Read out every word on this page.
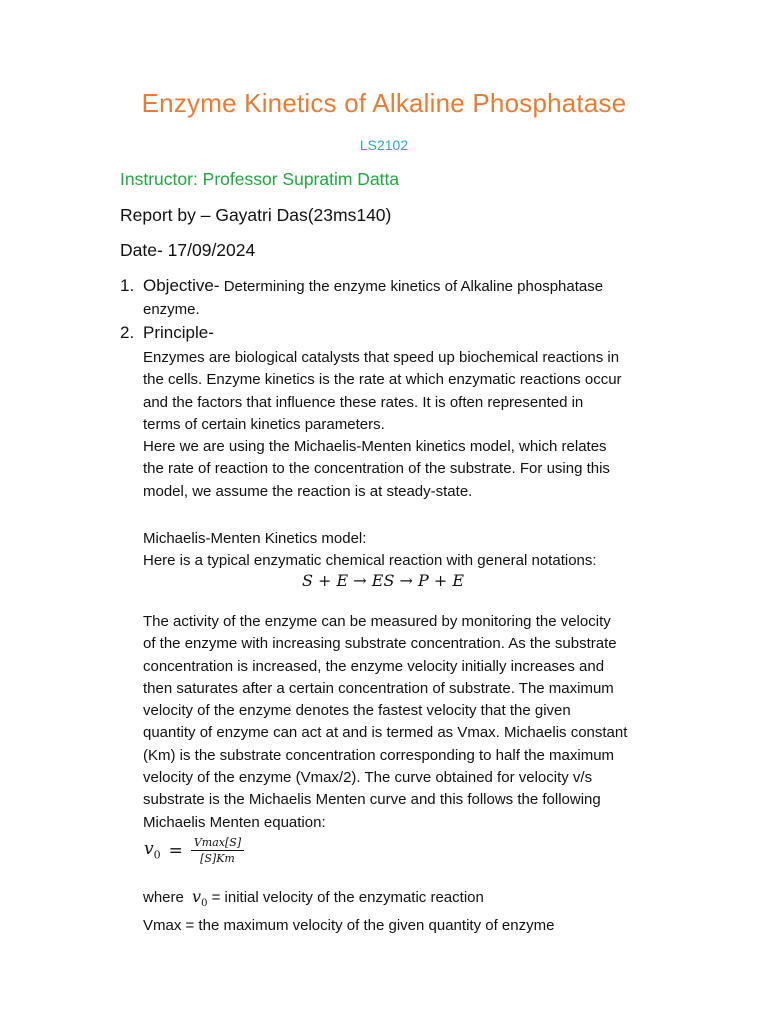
Enzyme Kinetics of Alkaline Phosphatase
LS2102
Instructor: Professor Supratim Datta
Report by – Gayatri Das(23ms140)
Date- 17/09/2024
1. Objective- Determining the enzyme kinetics of Alkaline phosphatase
enzyme.
2. Principle-
Enzymes are biological catalysts that speed up biochemical reactions in
the cells. Enzyme kinetics is the rate at which enzymatic reactions occur
and the factors that influence these rates. It is often represented in
terms of certain kinetics parameters.
Here we are using the Michaelis-Menten kinetics model, which relates
the rate of reaction to the concentration of the substrate. For using this
model, we assume the reaction is at steady-state.
Michaelis-Menten Kinetics model:
Here is a typical enzymatic chemical reaction with general notations:
S + E → ES → P + E
The activity of the enzyme can be measured by monitoring the velocity
of the enzyme with increasing substrate concentration. As the substrate
concentration is increased, the enzyme velocity initially increases and
then saturates after a certain concentration of substrate. The maximum
velocity of the enzyme denotes the fastest velocity that the given
quantity of enzyme can act at and is termed as Vmax. Michaelis constant
(Km) is the substrate concentration corresponding to half the maximum
velocity of the enzyme (Vmax/2). The curve obtained for velocity v/s
substrate is the Michaelis Menten curve and this follows the following
Michaelis Menten equation:
$v_0 = \frac{Vmax[S]}{[S]Km}$
where $v_0$ = initial velocity of the enzymatic reaction
Vmax = the maximum velocity of the given quantity of enzyme
